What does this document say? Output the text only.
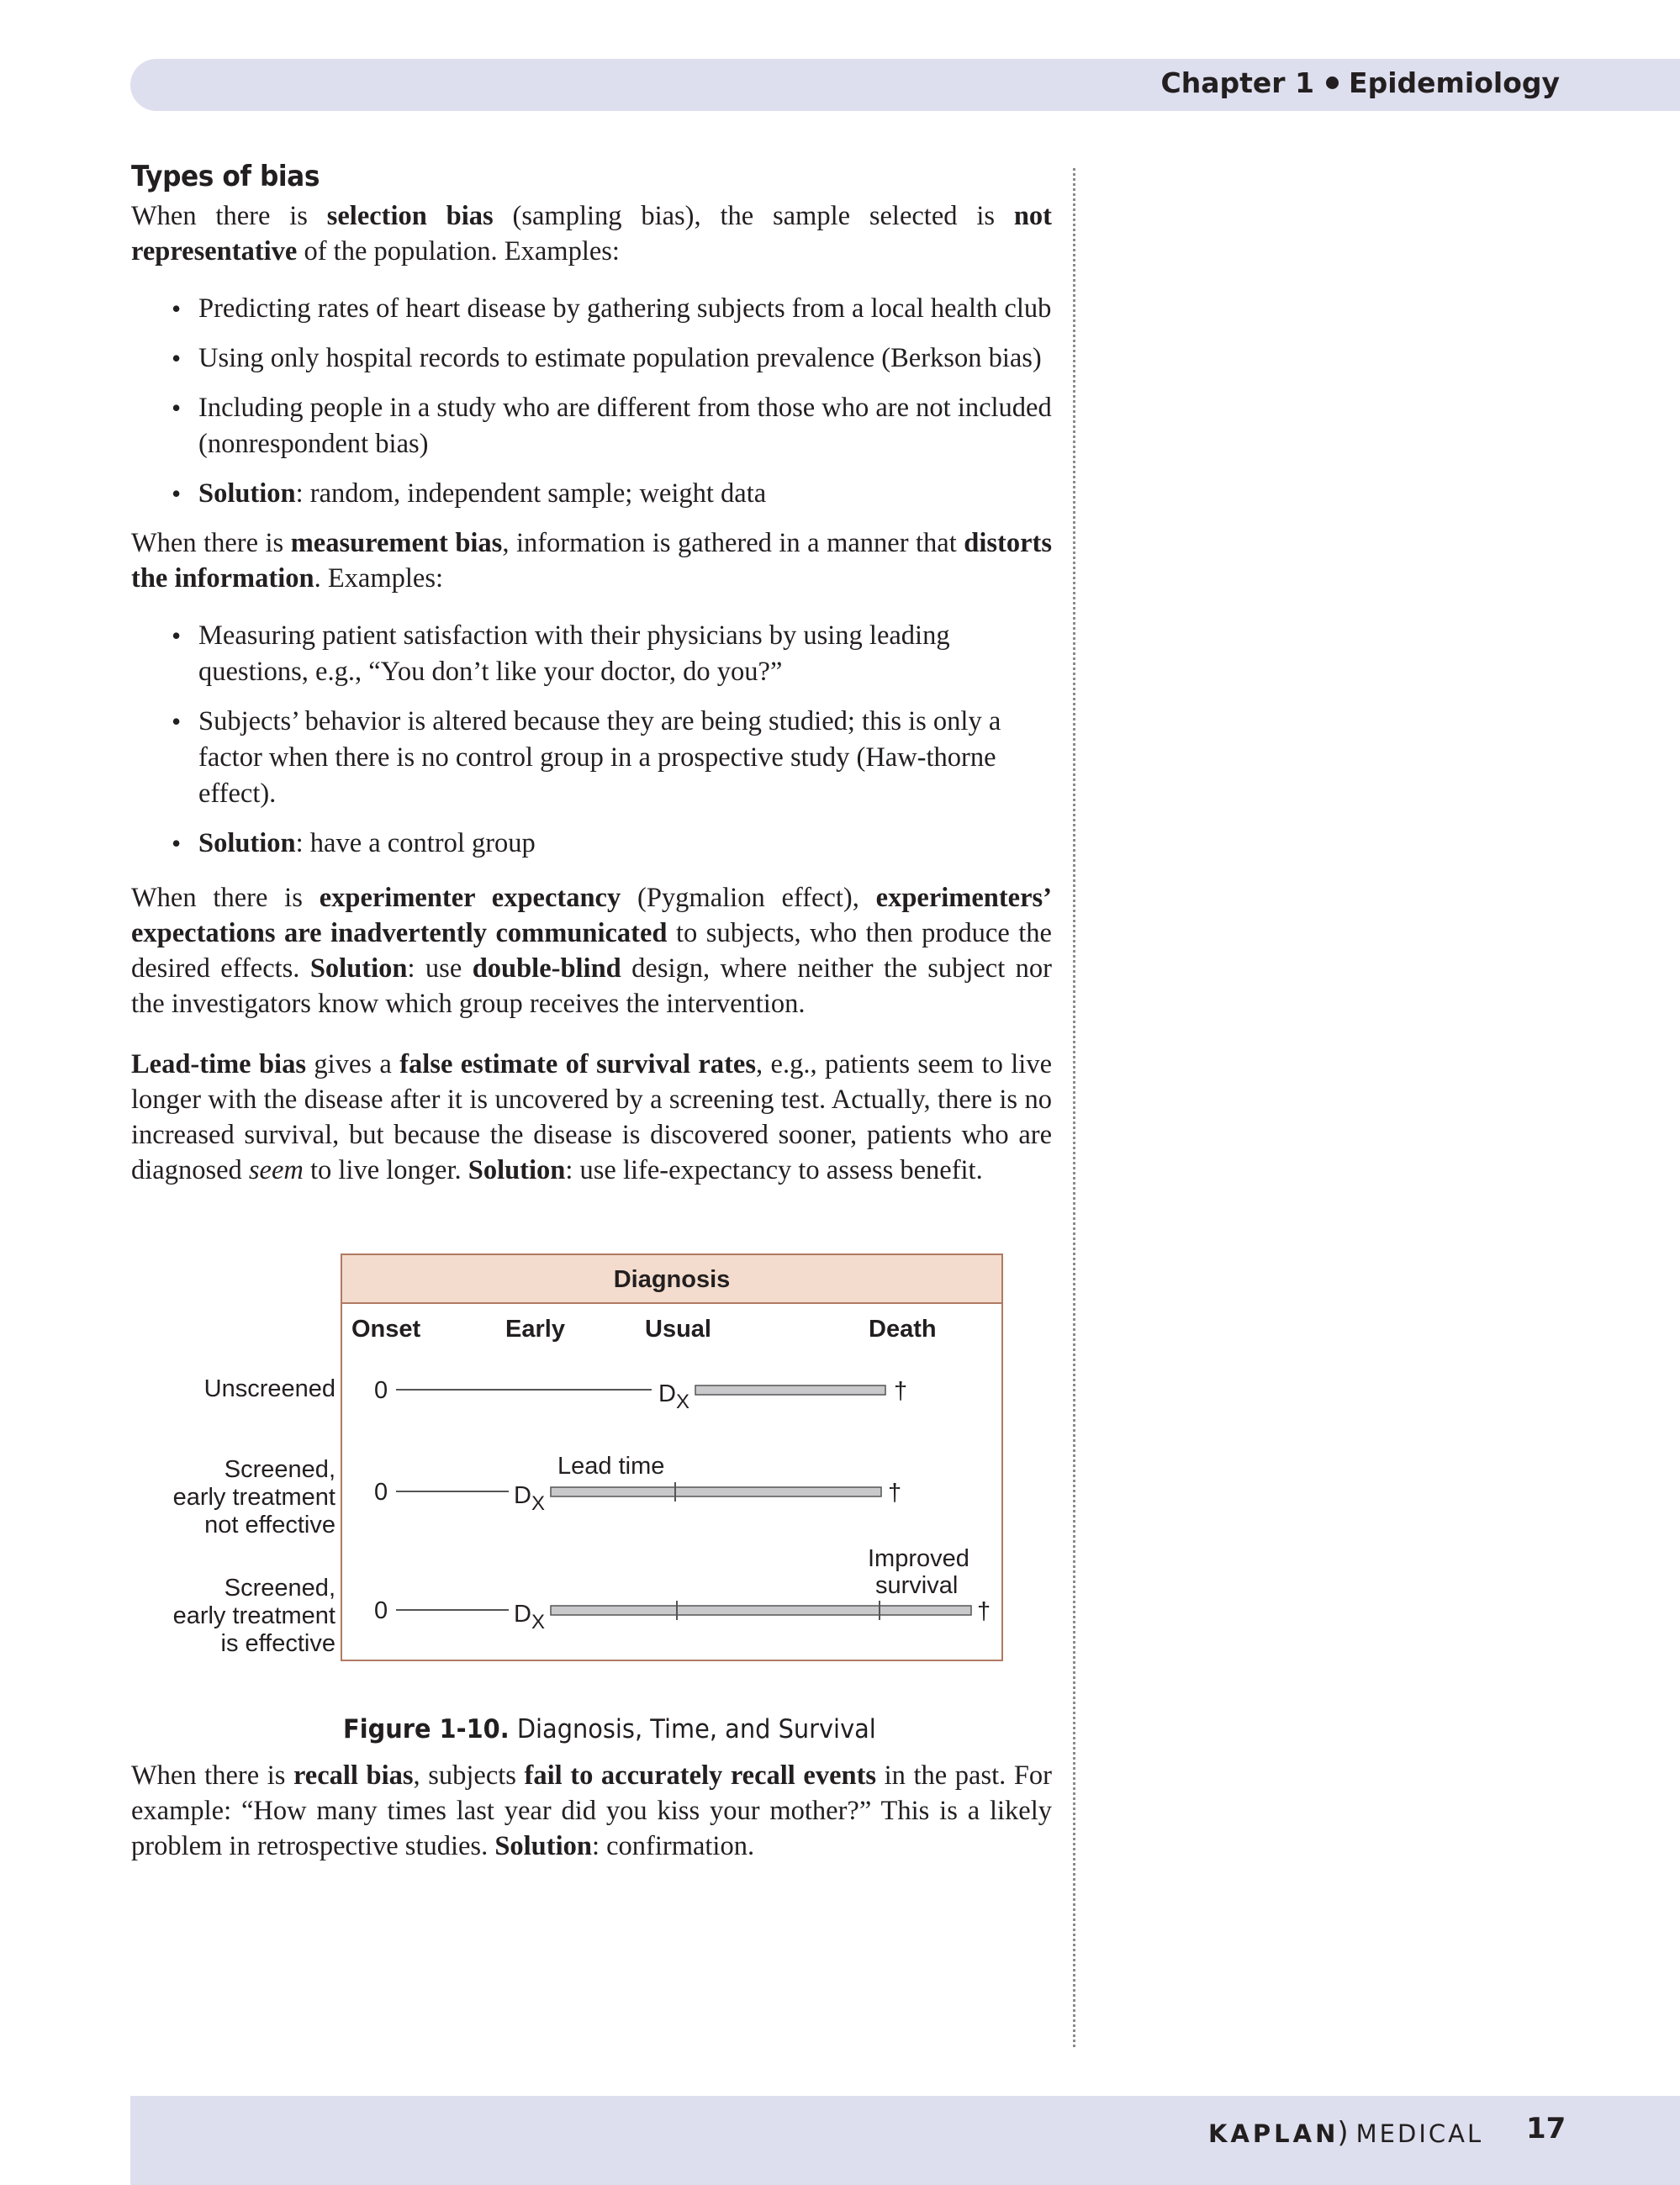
Chapter 1 Epidemiology
Types of bias

When there is selection bias (sampling bias), the sample selected is not representative of the population. Examples:

• Predicting rates of heart disease by gathering subjects from a local health club
• Using only hospital records to estimate population prevalence (Berkson bias)
• Including people in a study who are different from those who are not included (nonrespondent bias)
• Solution: random, independent sample; weight data

When there is measurement bias, information is gathered in a manner that distorts the information. Examples:

• Measuring patient satisfaction with their physicians by using leading questions, e.g., “You don’t like your doctor, do you?”
• Subjects’ behavior is altered because they are being studied; this is only a factor when there is no control group in a prospective study (Haw-thorne effect).
• Solution: have a control group

When there is experimenter expectancy (Pygmalion effect), experimenters’ expectations are inadvertently communicated to subjects, who then produce the desired effects. Solution: use double-blind design, where neither the subject nor the investigators know which group receives the intervention.

Lead-time bias gives a false estimate of survival rates, e.g., patients seem to live longer with the disease after it is uncovered by a screening test. Actually, there is no increased survival, but because the disease is discovered sooner, patients who are diagnosed seem to live longer. Solution: use life-expectancy to assess benefit.

Diagnosis
Onset	Early	Usual	Death
Unscreened
Screened,
early treatment
not effective
Screened,
early treatment
is effective
0	$D_X$	†
0	$D_X$
Lead time
†
Improved
survival
0	$D_X$	†
Figure 1-10. Diagnosis, Time, and Survival

When there is recall bias, subjects fail to accurately recall events in the past. For example: “How many times last year did you kiss your mother?” This is a likely problem in retrospective studies. Solution: confirmation.

KAPLAN) MEDICAL 17
